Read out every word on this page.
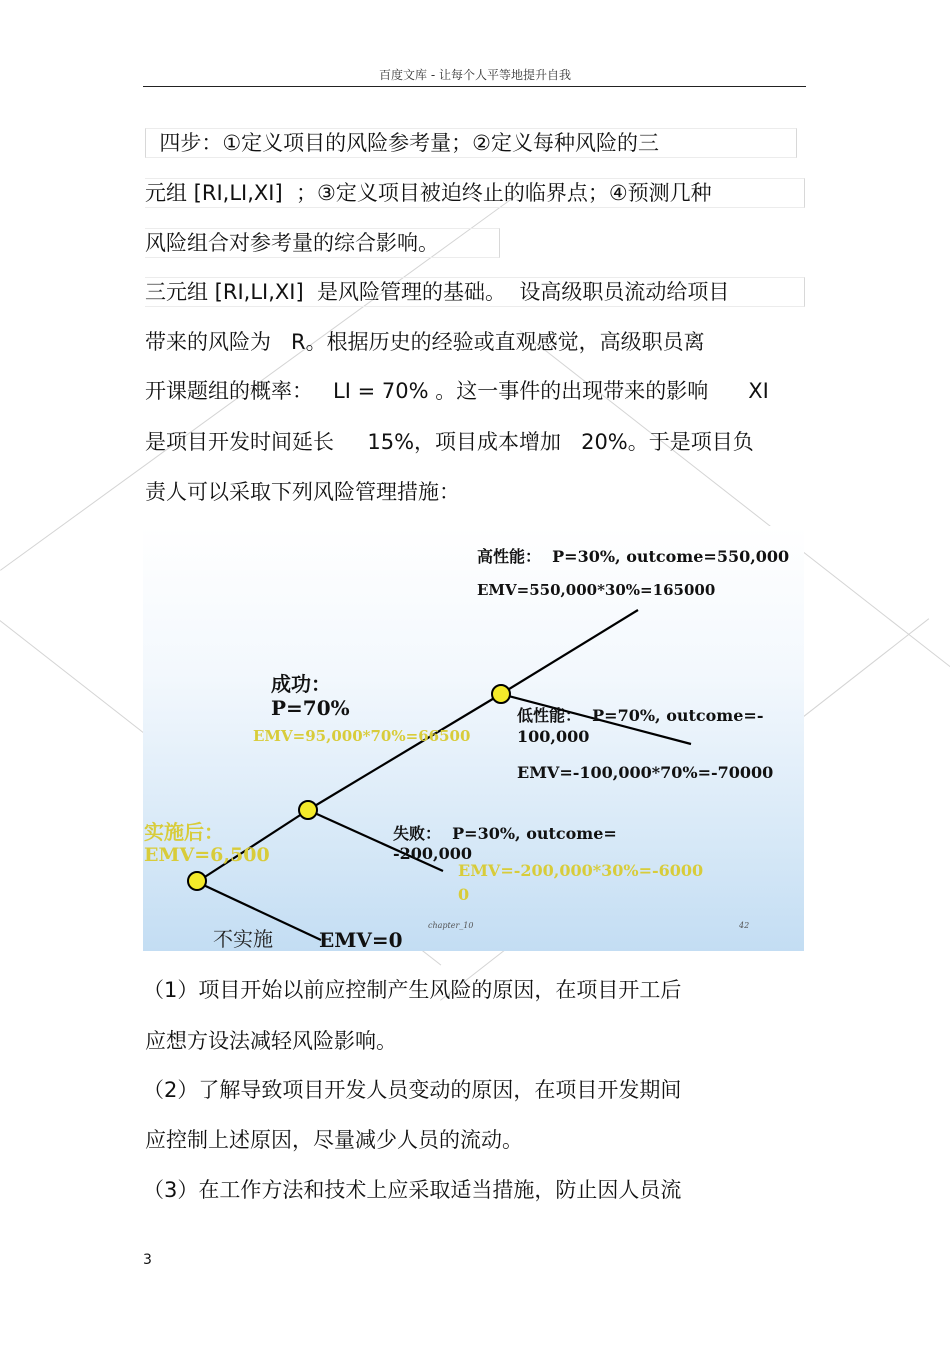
百度文库 - 让每个人平等地提升自我
四步：①定义项目的风险参考量；②定义每种风险的三
元组 [RI,LI,XI]  ；③定义项目被迫终止的临界点；④预测几种
风险组合对参考量的综合影响。
三元组 [RI,LI,XI]  是风险管理的基础。  设高级职员流动给项目
带来的风险为   R。根据历史的经验或直观感觉，高级职员离
开课题组的概率：   LI = 70% 。这一事件的出现带来的影响      XI
是项目开发时间延长     15%，项目成本增加   20%。于是项目负
责人可以采取下列风险管理措施：
高性能：  P=30%, outcome=550,000
EMV=550,000*30%=165000
成功：
P=70%
EMV=95,000*70%=66500
低性能：  P=70%, outcome=-
100,000
EMV=-100,000*70%=-70000
实施后：
EMV=6,500
失败：  P=30%, outcome=
-200,000
EMV=-200,000*30%=-6000
0
不实施 EMV=0
chapter_10	42
（1）项目开始以前应控制产生风险的原因，在项目开工后
应想方设法减轻风险影响。
（2）了解导致项目开发人员变动的原因，在项目开发期间
应控制上述原因，尽量减少人员的流动。
（3）在工作方法和技术上应采取适当措施，防止因人员流
3
